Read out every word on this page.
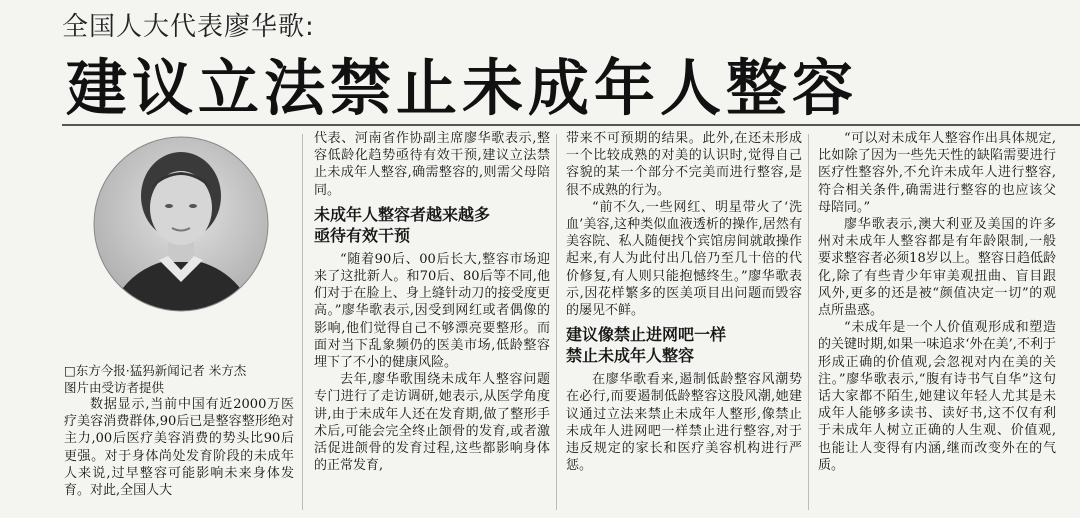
全国人大代表廖华歌:
建议立法禁止未成年人整容
□东方今报·猛犸新闻记者 米方杰
图片由受访者提供

数据显示,当前中国有近2000万医疗美容消费群体,90后已是整容整形绝对主力,00后医疗美容消费的势头比90后更强。对于身体尚处发育阶段的未成年人来说,过早整容可能影响未来身体发育。对此,全国人大

代表、河南省作协副主席廖华歌表示,整容低龄化趋势亟待有效干预,建议立法禁止未成年人整容,确需整容的,则需父母陪同。

未成年人整容者越来越多
亟待有效干预

“随着90后、00后长大,整容市场迎来了这批新人。和70后、80后等不同,他们对于在脸上、身上缝针动刀的接受度更高。”廖华歌表示,因受到网红或者偶像的影响,他们觉得自己不够漂亮要整形。而面对当下乱象频仍的医美市场,低龄整容埋下了不小的健康风险。

去年,廖华歌围绕未成年人整容问题专门进行了走访调研,她表示,从医学角度讲,由于未成年人还在发育期,做了整形手术后,可能会完全终止颌骨的发育,或者激活促进颌骨的发育过程,这些都影响身体的正常发育,

带来不可预期的结果。此外,在还未形成一个比较成熟的对美的认识时,觉得自己容貌的某一个部分不完美而进行整容,是很不成熟的行为。

“前不久,一些网红、明星带火了‘洗血’美容,这种类似血液透析的操作,居然有美容院、私人随便找个宾馆房间就敢操作起来,有人为此付出几倍乃至几十倍的代价修复,有人则只能抱憾终生。”廖华歌表示,因花样繁多的医美项目出问题而毁容的屡见不鲜。

建议像禁止进网吧一样
禁止未成年人整容

在廖华歌看来,遏制低龄整容风潮势在必行,而要遏制低龄整容这股风潮,她建议通过立法来禁止未成年人整形,像禁止未成年人进网吧一样禁止进行整容,对于违反规定的家长和医疗美容机构进行严惩。

“可以对未成年人整容作出具体规定,比如除了因为一些先天性的缺陷需要进行医疗性整容外,不允许未成年人进行整容,符合相关条件,确需进行整容的也应该父母陪同。”

廖华歌表示,澳大利亚及美国的许多州对未成年人整容都是有年龄限制,一般要求整容者必须18岁以上。整容日趋低龄化,除了有些青少年审美观扭曲、盲目跟风外,更多的还是被“颜值决定一切”的观点所蛊惑。

“未成年是一个人价值观形成和塑造的关键时期,如果一味追求‘外在美’,不利于形成正确的价值观,会忽视对内在美的关注。”廖华歌表示,“腹有诗书气自华”这句话大家都不陌生,她建议年轻人尤其是未成年人能够多读书、读好书,这不仅有利于未成年人树立正确的人生观、价值观,也能让人变得有内涵,继而改变外在的气质。
